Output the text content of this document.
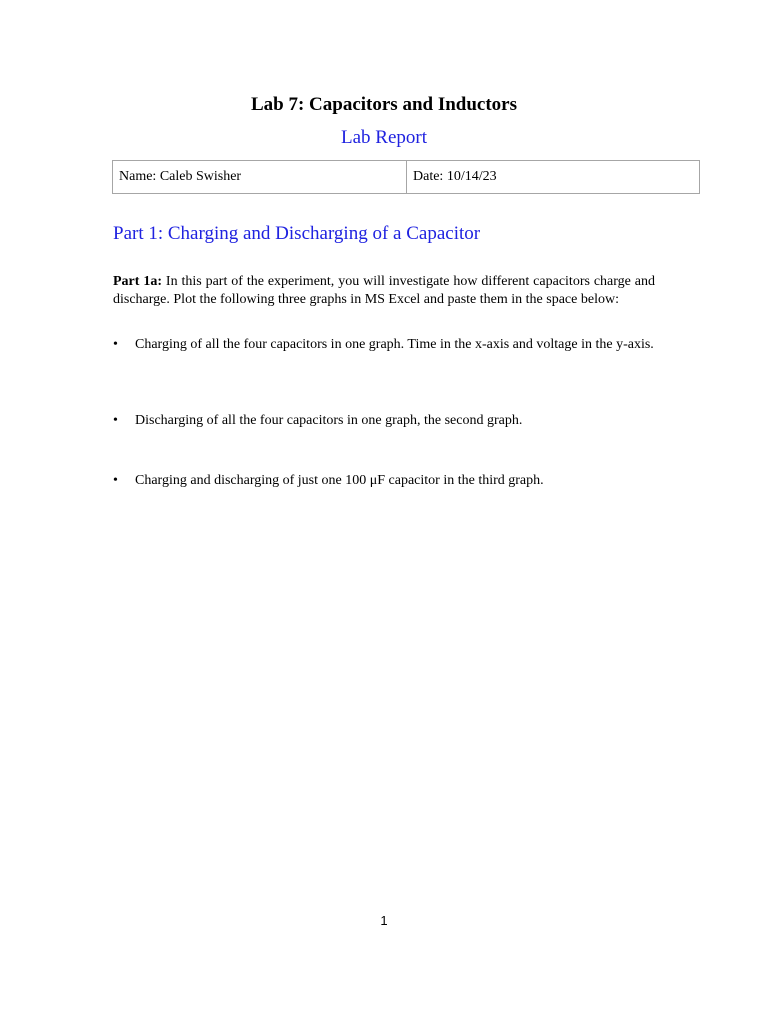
Lab 7: Capacitors and Inductors
Lab Report
Name: Caleb Swisher	Date: 10/14/23
Part 1: Charging and Discharging of a Capacitor

Part 1a: In this part of the experiment, you will investigate how different capacitors charge and discharge. Plot the following three graphs in MS Excel and paste them in the space below:

• Charging of all the four capacitors in one graph. Time in the x-axis and voltage in the y-axis.
• Discharging of all the four capacitors in one graph, the second graph.
• Charging and discharging of just one 100 μF capacitor in the third graph.
1
